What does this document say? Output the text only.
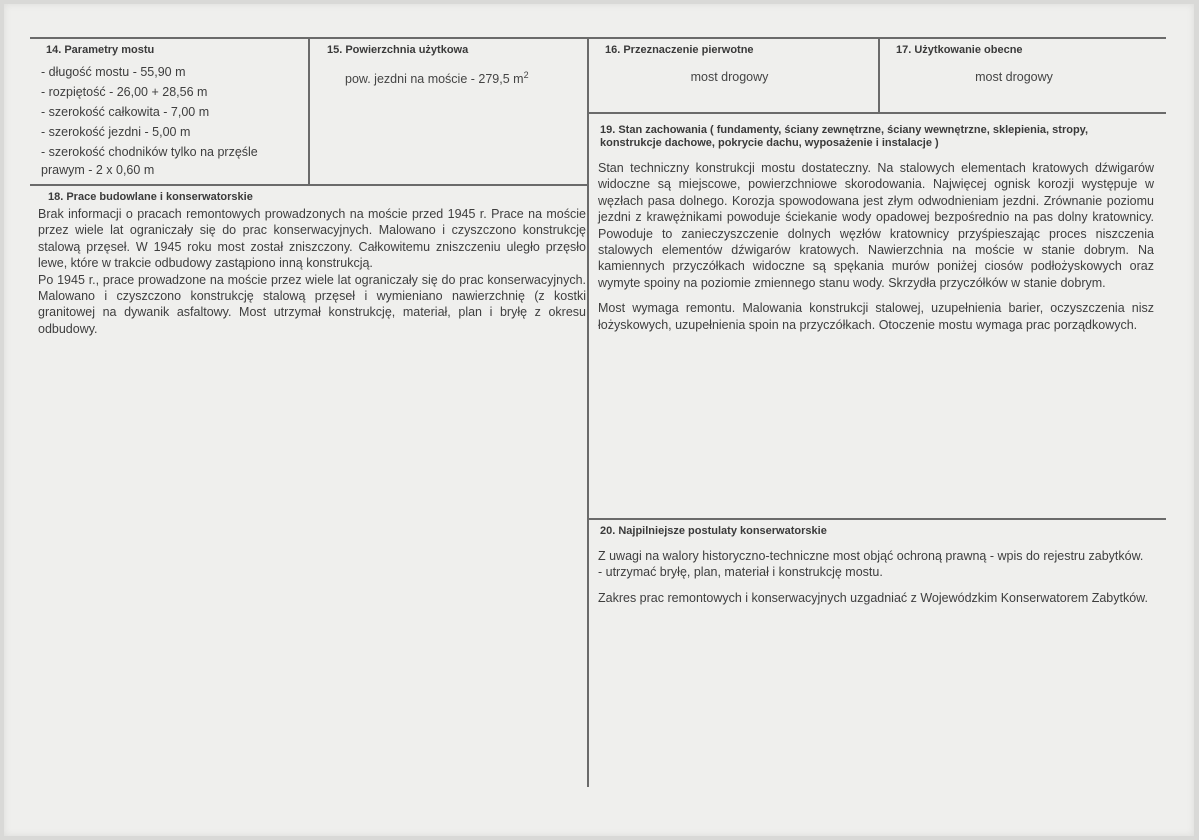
14. Parametry mostu
- długość mostu - 55,90 m
- rozpiętość - 26,00 + 28,56 m
- szerokość całkowita - 7,00 m
- szerokość jezdni - 5,00 m
- szerokość chodników tylko na przęśle
prawym - 2 x 0,60 m
15. Powierzchnia użytkowa
pow. jezdni na moście - 279,5 $m^2$
16. Przeznaczenie pierwotne
most drogowy
17. Użytkowanie obecne
most drogowy
18. Prace budowlane i konserwatorskie

Brak informacji o pracach remontowych prowadzonych na moście przed 1945 r. Prace na moście przez wiele lat ograniczały się do prac konserwacyjnych. Malowano i czyszczono konstrukcję stalową przęseł. W 1945 roku most został zniszczony. Całkowitemu zniszczeniu uległo przęsło lewe, które w trakcie odbudowy zastąpiono inną konstrukcją.

Po 1945 r., prace prowadzone na moście przez wiele lat ograniczały się do prac konserwacyjnych. Malowano i czyszczono konstrukcję stalową przęseł i wymieniano nawierzchnię (z kostki granitowej na dywanik asfaltowy. Most utrzymał konstrukcję, materiał, plan i bryłę z okresu odbudowy.

19. Stan zachowania ( fundamenty, ściany zewnętrzne, ściany wewnętrzne, sklepienia, stropy, konstrukcje dachowe, pokrycie dachu, wyposażenie i instalacje )

Stan techniczny konstrukcji mostu dostateczny. Na stalowych elementach kratowych dźwigarów widoczne są miejscowe, powierzchniowe skorodowania. Najwięcej ognisk korozji występuje w węzłach pasa dolnego. Korozja spowodowana jest złym odwodnieniam jezdni. Zrównanie poziomu jezdni z krawężnikami powoduje ściekanie wody opadowej bezpośrednio na pas dolny kratownicy. Powoduje to zanieczyszczenie dolnych węzłów kratownicy przyśpieszając proces niszczenia stalowych elementów dźwigarów kratowych. Nawierzchnia na moście w stanie dobrym. Na kamiennych przyczółkach widoczne są spękania murów poniżej ciosów podłożyskowych oraz wymyte spoiny na poziomie zmiennego stanu wody. Skrzydła przyczółków w stanie dobrym.

Most wymaga remontu. Malowania konstrukcji stalowej, uzupełnienia barier, oczyszczenia nisz łożyskowych, uzupełnienia spoin na przyczółkach. Otoczenie mostu wymaga prac porządkowych.

20. Najpilniejsze postulaty konserwatorskie

Z uwagi na walory historyczno-techniczne most objąć ochroną prawną - wpis do rejestru zabytków.

- utrzymać bryłę, plan, materiał i konstrukcję mostu.

Zakres prac remontowych i konserwacyjnych uzgadniać z Wojewódzkim Konserwatorem Zabytków.
